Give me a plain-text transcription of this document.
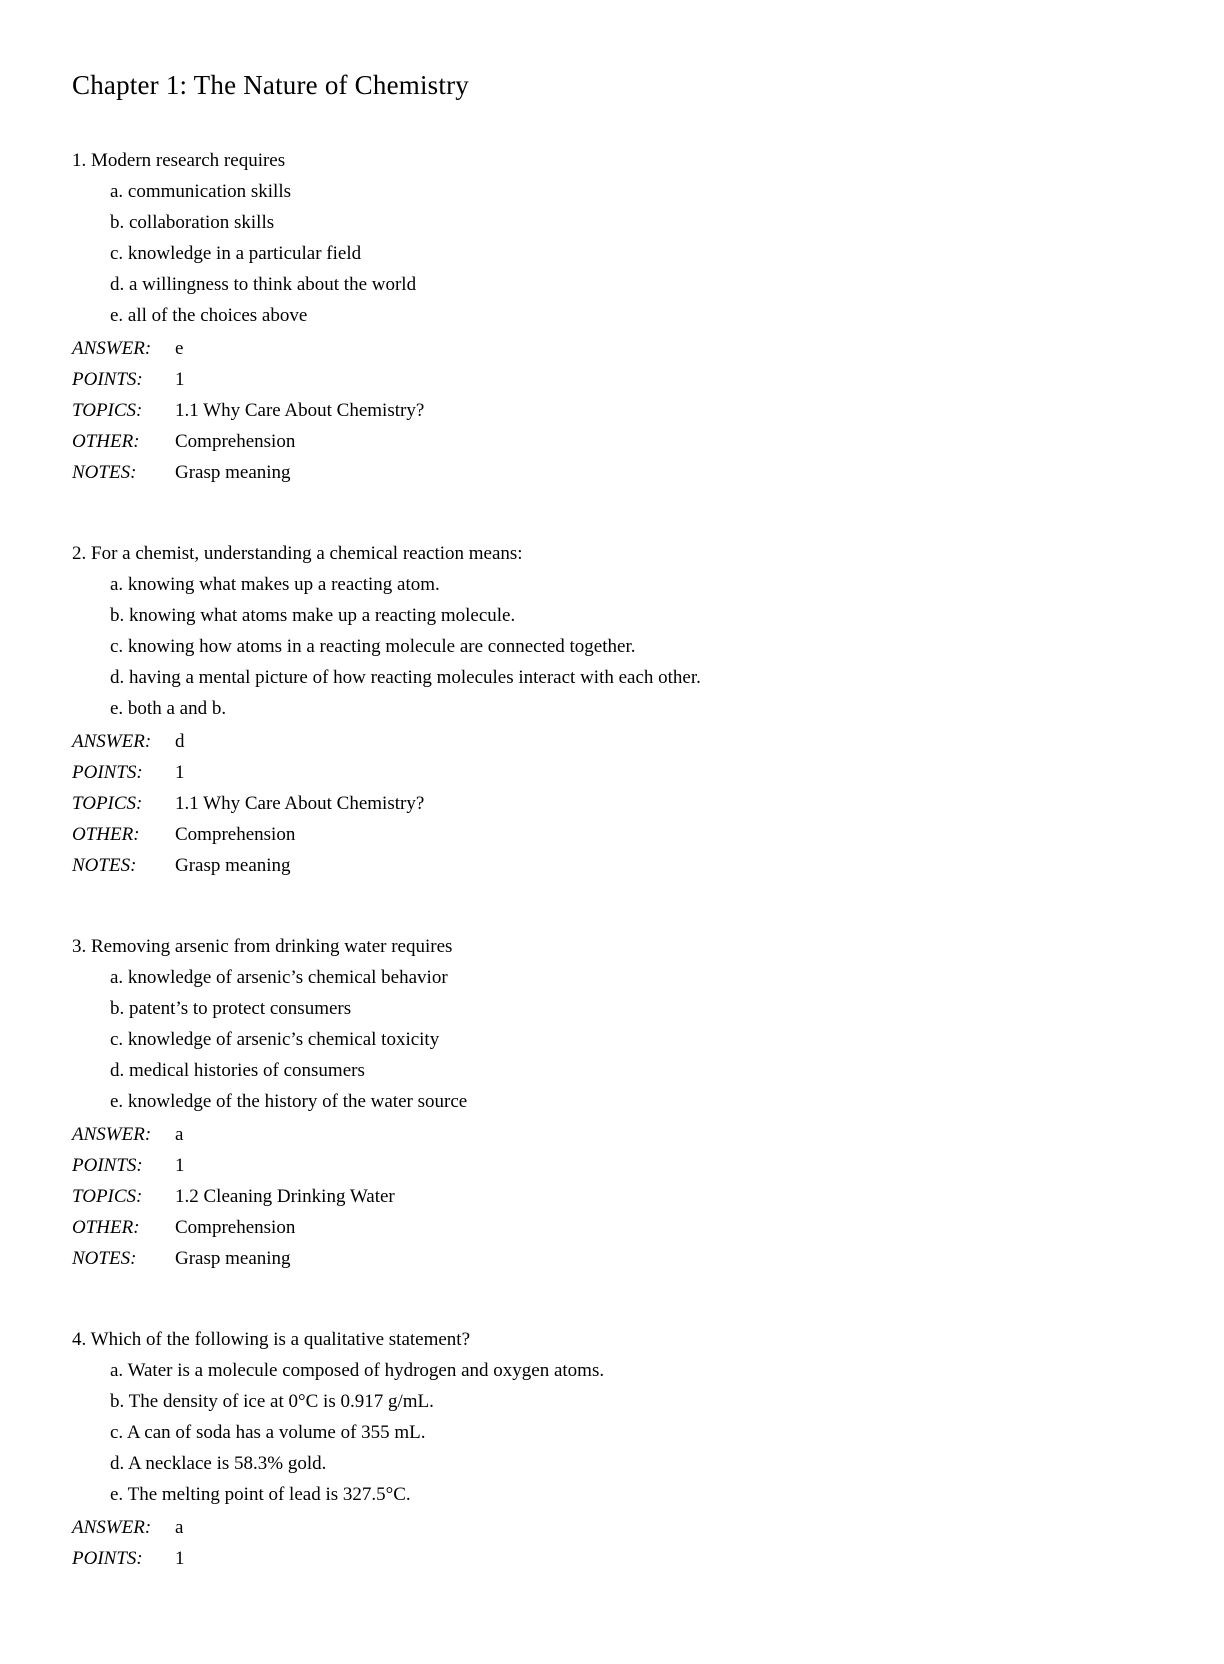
Chapter 1: The Nature of Chemistry
1. Modern research requires
a. communication skills
b. collaboration skills
c. knowledge in a particular field
d. a willingness to think about the world
e. all of the choices above
ANSWER:	e
POINTS:	1
TOPICS:	1.1 Why Care About Chemistry?
OTHER:	Comprehension
NOTES:	Grasp meaning
2. For a chemist, understanding a chemical reaction means:
a. knowing what makes up a reacting atom.
b. knowing what atoms make up a reacting molecule.
c. knowing how atoms in a reacting molecule are connected together.
d. having a mental picture of how reacting molecules interact with each other.
e. both a and b.
ANSWER:	d
POINTS:	1
TOPICS:	1.1 Why Care About Chemistry?
OTHER:	Comprehension
NOTES:	Grasp meaning
3. Removing arsenic from drinking water requires
a. knowledge of arsenic’s chemical behavior
b. patent’s to protect consumers
c. knowledge of arsenic’s chemical toxicity
d. medical histories of consumers
e. knowledge of the history of the water source
ANSWER:	a
POINTS:	1
TOPICS:	1.2 Cleaning Drinking Water
OTHER:	Comprehension
NOTES:	Grasp meaning
4. Which of the following is a qualitative statement?
a. Water is a molecule composed of hydrogen and oxygen atoms.
b. The density of ice at 0°C is 0.917 g/mL.
c. A can of soda has a volume of 355 mL.
d. A necklace is 58.3% gold.
e. The melting point of lead is 327.5°C.
ANSWER:	a
POINTS:	1
